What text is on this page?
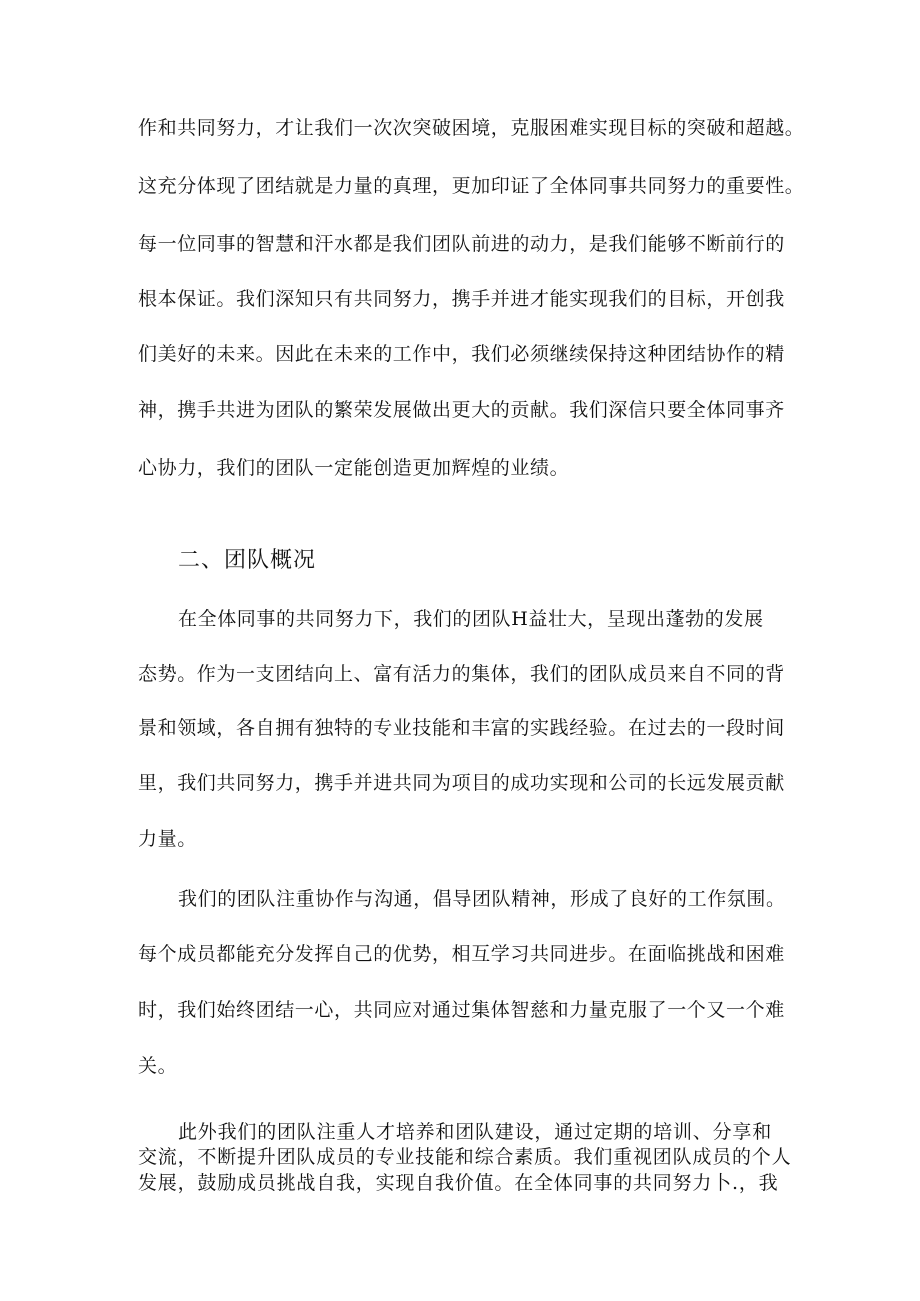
作和共同努力，才让我们一次次突破困境，克服困难实现目标的突破和超越。
这充分体现了团结就是力量的真理，更加印证了全体同事共同努力的重要性。
每一位同事的智慧和汗水都是我们团队前进的动力，是我们能够不断前行的
根本保证。我们深知只有共同努力，携手并进才能实现我们的目标，开创我
们美好的未来。因此在未来的工作中，我们必须继续保持这种团结协作的精
神，携手共进为团队的繁荣发展做出更大的贡献。我们深信只要全体同事齐
心协力，我们的团队一定能创造更加辉煌的业绩。
二、团队概况
在全体同事的共同努力下，我们的团队H益壮大，呈现出蓬勃的发展
态势。作为一支团结向上、富有活力的集体，我们的团队成员来自不同的背
景和领域，各自拥有独特的专业技能和丰富的实践经验。在过去的一段时间
里，我们共同努力，携手并进共同为项目的成功实现和公司的长远发展贡献
力量。
我们的团队注重协作与沟通，倡导团队精神，形成了良好的工作氛围。
每个成员都能充分发挥自己的优势，相互学习共同进步。在面临挑战和困难
时，我们始终团结一心，共同应对通过集体智慈和力量克服了一个又一个难
关。
此外我们的团队注重人才培养和团队建设，通过定期的培训、分享和
交流，不断提升团队成员的专业技能和综合素质。我们重视团队成员的个人
发展，鼓励成员挑战自我，实现自我价值。在全体同事的共同努力卜.，我
